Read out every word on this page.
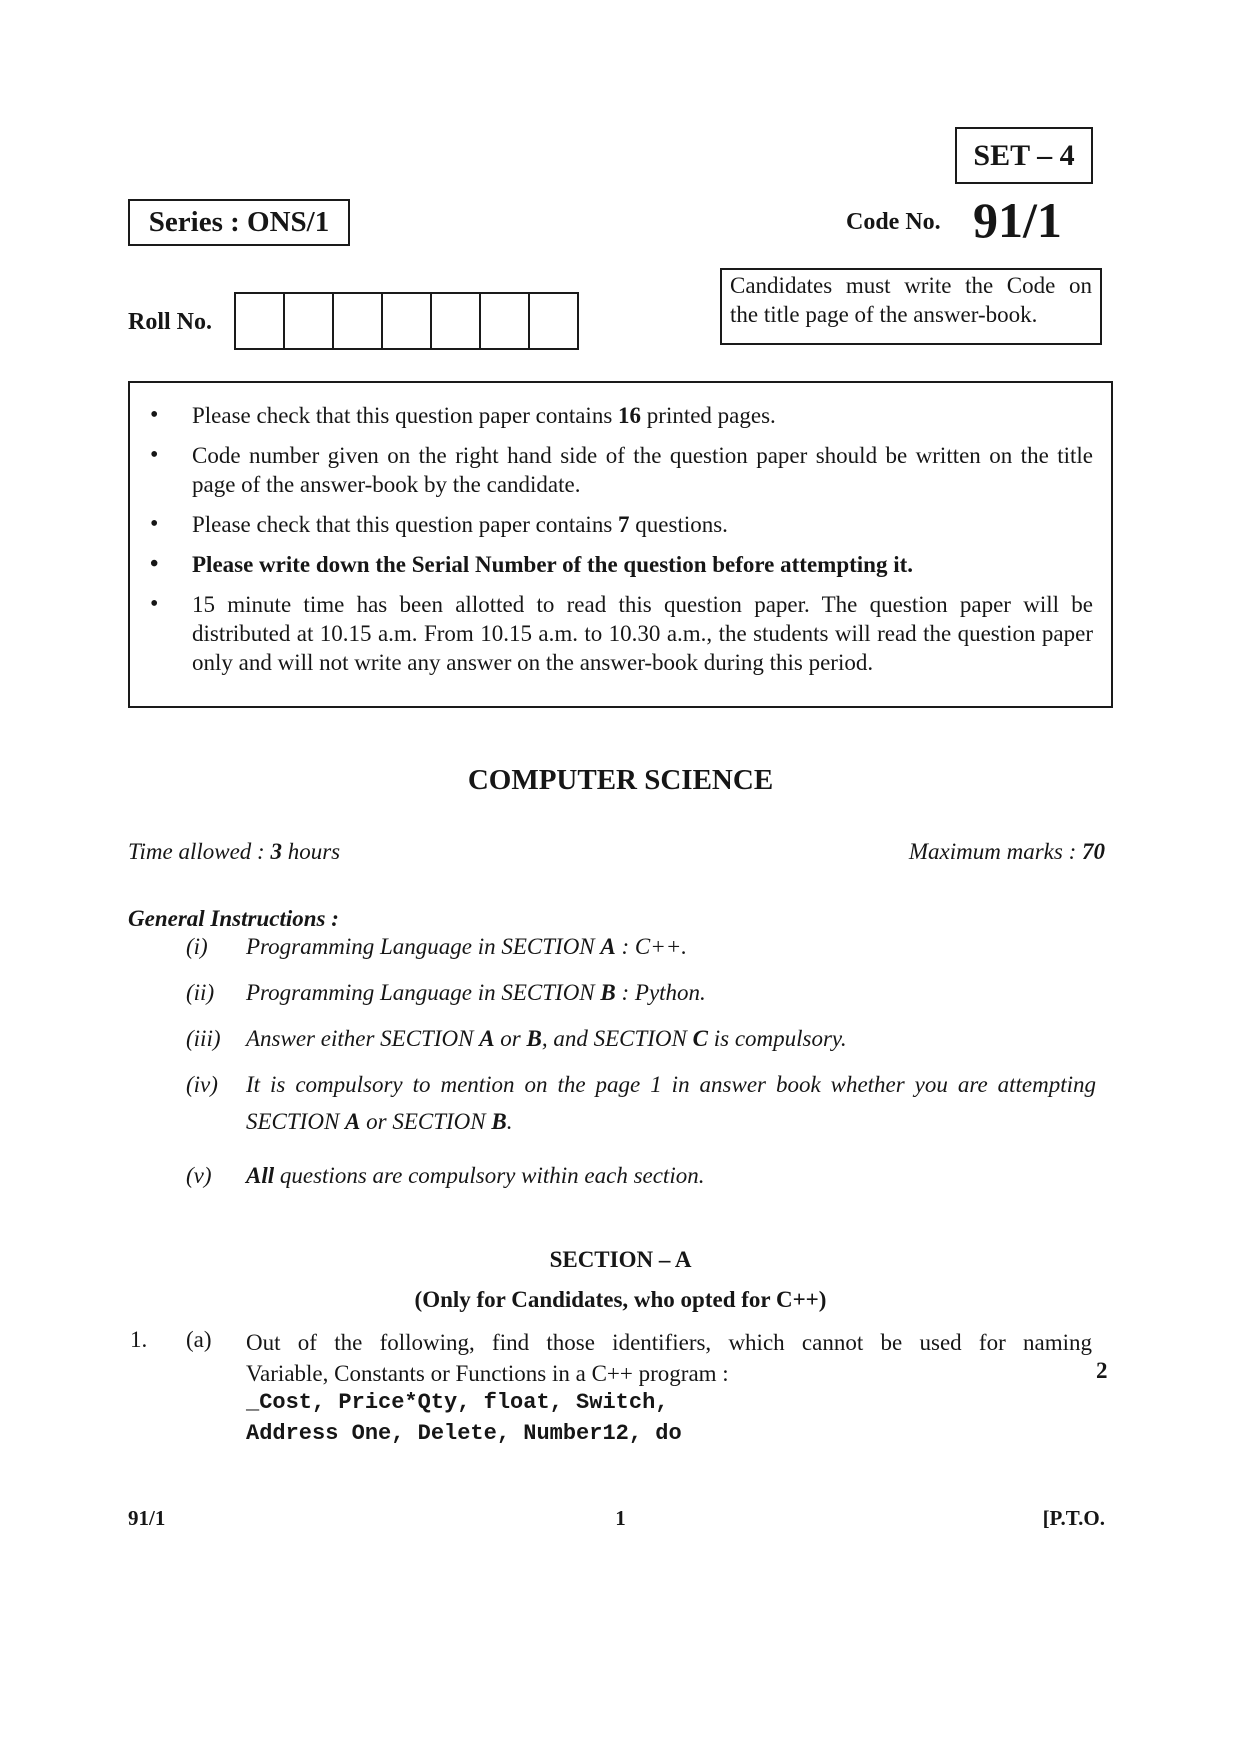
SET – 4
Series : ONS/1	Code No. 91/1
Candidates must write the Code on
the title page of the answer-book.
Roll No.
• Please check that this question paper contains 16 printed pages.
• Code number given on the right hand side of the question paper should be written on the title page of the answer-book by the candidate.
• Please check that this question paper contains 7 questions.
• Please write down the Serial Number of the question before attempting it.
• 15 minute time has been allotted to read this question paper. The question paper will be distributed at 10.15 a.m. From 10.15 a.m. to 10.30 a.m., the students will read the question paper only and will not write any answer on the answer-book during this period.
COMPUTER SCIENCE
Time allowed : 3 hours	Maximum marks : 70
General Instructions :
(i) Programming Language in SECTION A : C++.
(ii) Programming Language in SECTION B : Python.
(iii) Answer either SECTION A or B, and SECTION C is compulsory.
(iv) It is compulsory to mention on the page 1 in answer book whether you are attempting SECTION A or SECTION B.
(v) All questions are compulsory within each section.
SECTION – A
(Only for Candidates, who opted for C++)
1. (a) Out of the following, find those identifiers, which cannot be used for naming
Variable, Constants or Functions in a C++ program :	2
_Cost, Price*Qty, float, Switch,
Address One, Delete, Number12, do
91/1	1	[P.T.O.
